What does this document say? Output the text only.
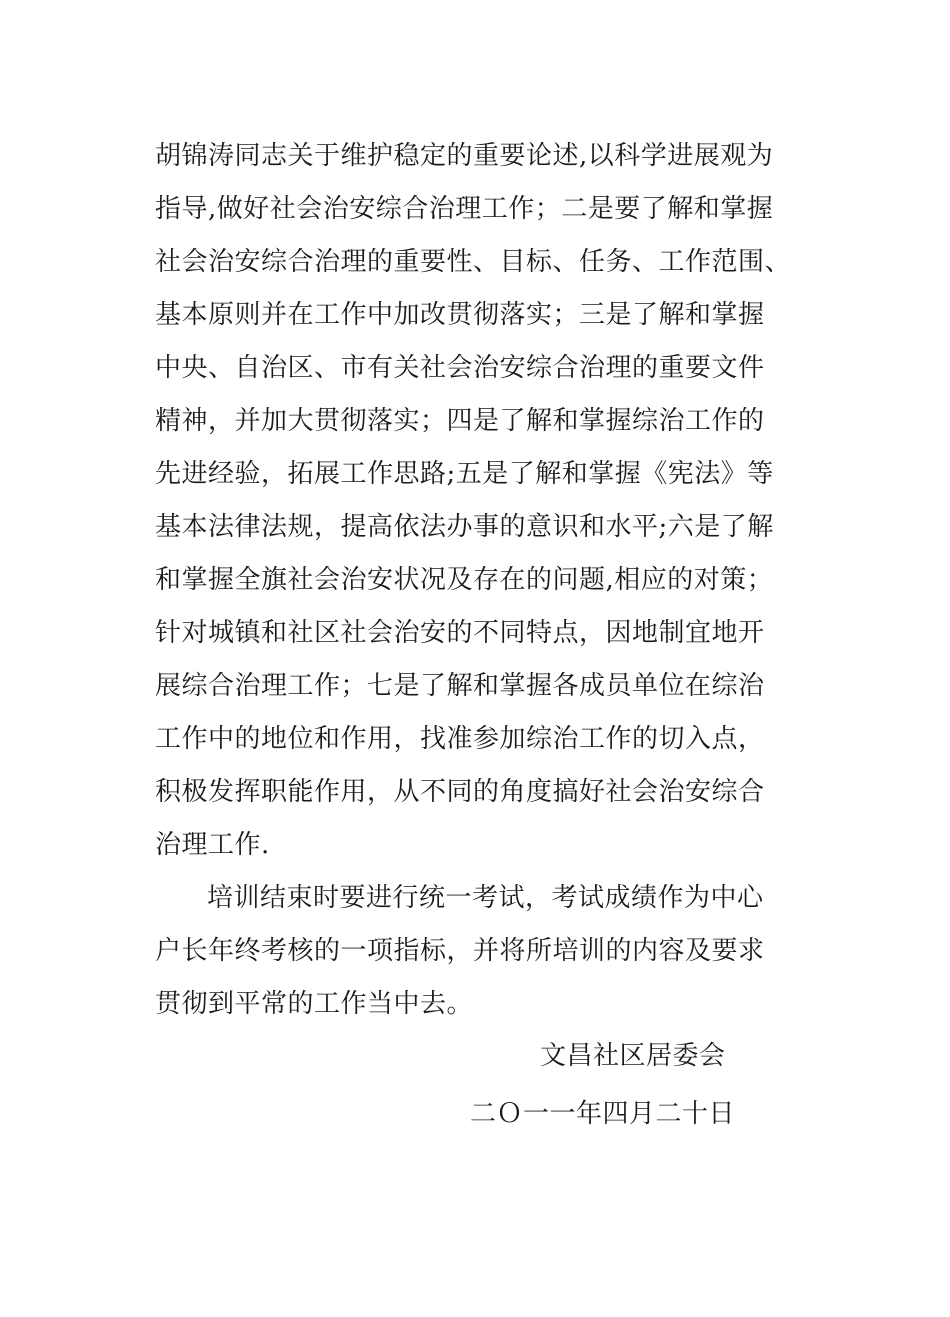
胡锦涛同志关于维护稳定的重要论述,以科学进展观为
指导,做好社会治安综合治理工作；二是要了解和掌握
社会治安综合治理的重要性、目标、任务、工作范围、
基本原则并在工作中加改贯彻落实；三是了解和掌握
中央、自治区、市有关社会治安综合治理的重要文件
精神，并加大贯彻落实；四是了解和掌握综治工作的
先进经验，拓展工作思路;五是了解和掌握《宪法》等
基本法律法规，提高依法办事的意识和水平;六是了解
和掌握全旗社会治安状况及存在的问题,相应的对策；
针对城镇和社区社会治安的不同特点，因地制宜地开
展综合治理工作；七是了解和掌握各成员单位在综治
工作中的地位和作用，找准参加综治工作的切入点，
积极发挥职能作用，从不同的角度搞好社会治安综合
治理工作.
培训结束时要进行统一考试，考试成绩作为中心
户长年终考核的一项指标，并将所培训的内容及要求
贯彻到平常的工作当中去。
文昌社区居委会
二Ｏ一一年四月二十日
